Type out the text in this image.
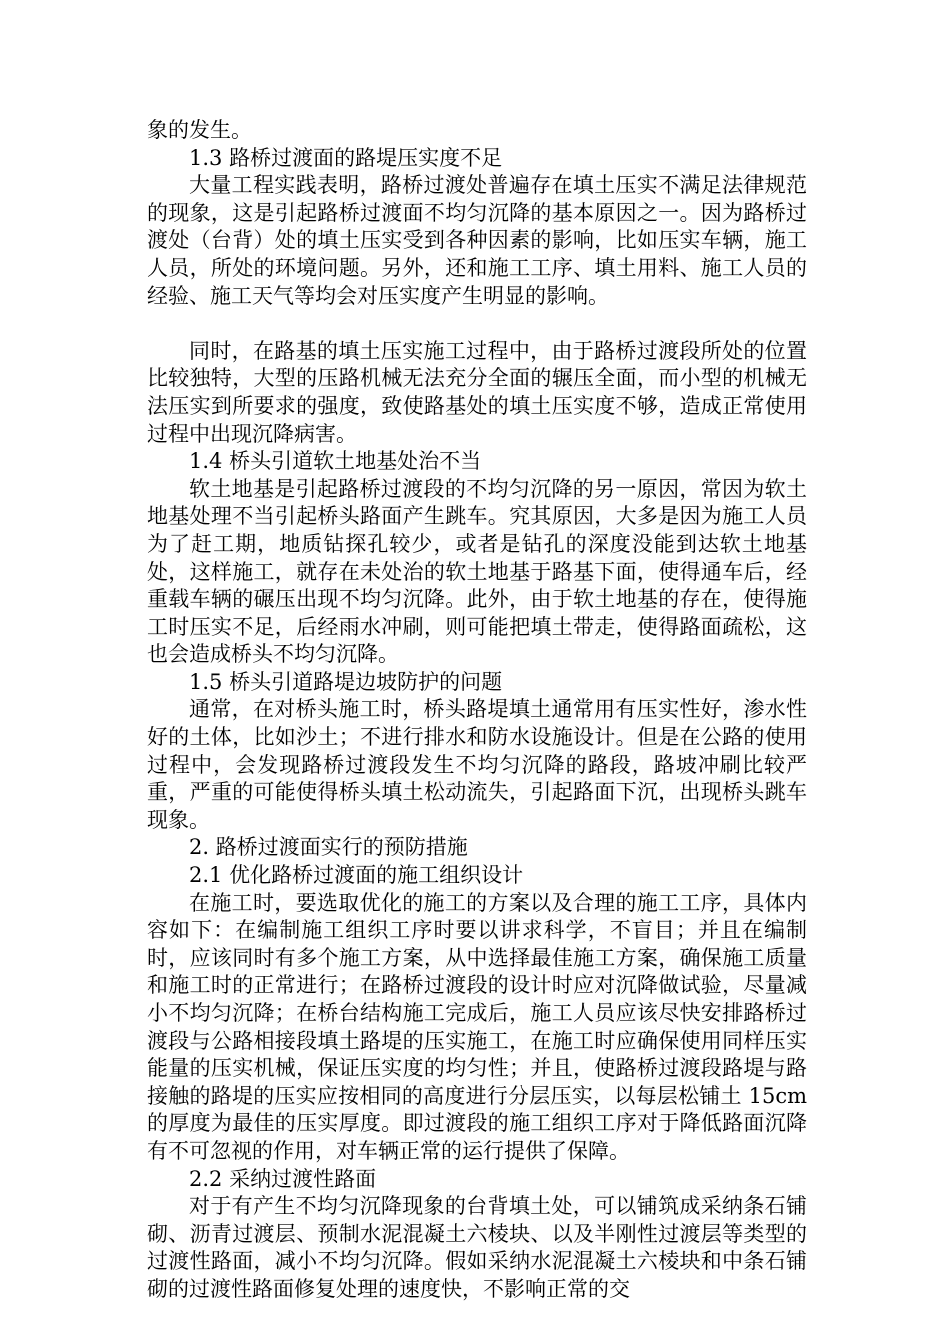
象的发生。

1.3 路桥过渡面的路堤压实度不足

大量工程实践表明，路桥过渡处普遍存在填土压实不满足法律规范的现象，这是引起路桥过渡面不均匀沉降的基本原因之一。因为路桥过渡处（台背）处的填土压实受到各种因素的影响，比如压实车辆，施工人员，所处的环境问题。另外，还和施工工序、填土用料、施工人员的经验、施工天气等均会对压实度产生明显的影响。

同时，在路基的填土压实施工过程中，由于路桥过渡段所处的位置比较独特，大型的压路机械无法充分全面的辗压全面，而小型的机械无法压实到所要求的强度，致使路基处的填土压实度不够，造成正常使用过程中出现沉降病害。

1.4 桥头引道软土地基处治不当

软土地基是引起路桥过渡段的不均匀沉降的另一原因，常因为软土地基处理不当引起桥头路面产生跳车。究其原因，大多是因为施工人员为了赶工期，地质钻探孔较少，或者是钻孔的深度没能到达软土地基处，这样施工，就存在未处治的软土地基于路基下面，使得通车后，经重载车辆的碾压出现不均匀沉降。此外，由于软土地基的存在，使得施工时压实不足，后经雨水冲刷，则可能把填土带走，使得路面疏松，这也会造成桥头不均匀沉降。

1.5 桥头引道路堤边坡防护的问题

通常，在对桥头施工时，桥头路堤填土通常用有压实性好，渗水性好的土体，比如沙土；不进行排水和防水设施设计。但是在公路的使用过程中，会发现路桥过渡段发生不均匀沉降的路段，路坡冲刷比较严重，严重的可能使得桥头填土松动流失，引起路面下沉，出现桥头跳车现象。

2. 路桥过渡面实行的预防措施

2.1 优化路桥过渡面的施工组织设计

在施工时，要选取优化的施工的方案以及合理的施工工序，具体内容如下：在编制施工组织工序时要以讲求科学，不盲目；并且在编制时，应该同时有多个施工方案，从中选择最佳施工方案，确保施工质量和施工时的正常进行；在路桥过渡段的设计时应对沉降做试验，尽量减小不均匀沉降；在桥台结构施工完成后，施工人员应该尽快安排路桥过渡段与公路相接段填土路堤的压实施工，在施工时应确保使用同样压实能量的压实机械，保证压实度的均匀性；并且，使路桥过渡段路堤与路接触的路堤的压实应按相同的高度进行分层压实，以每层松铺土 15cm 的厚度为最佳的压实厚度。即过渡段的施工组织工序对于降低路面沉降有不可忽视的作用，对车辆正常的运行提供了保障。

2.2 采纳过渡性路面

对于有产生不均匀沉降现象的台背填土处，可以铺筑成采纳条石铺砌、沥青过渡层、预制水泥混凝土六棱块、以及半刚性过渡层等类型的过渡性路面，减小不均匀沉降。假如采纳水泥混凝土六棱块和中条石铺砌的过渡性路面修复处理的速度快，不影响正常的交
